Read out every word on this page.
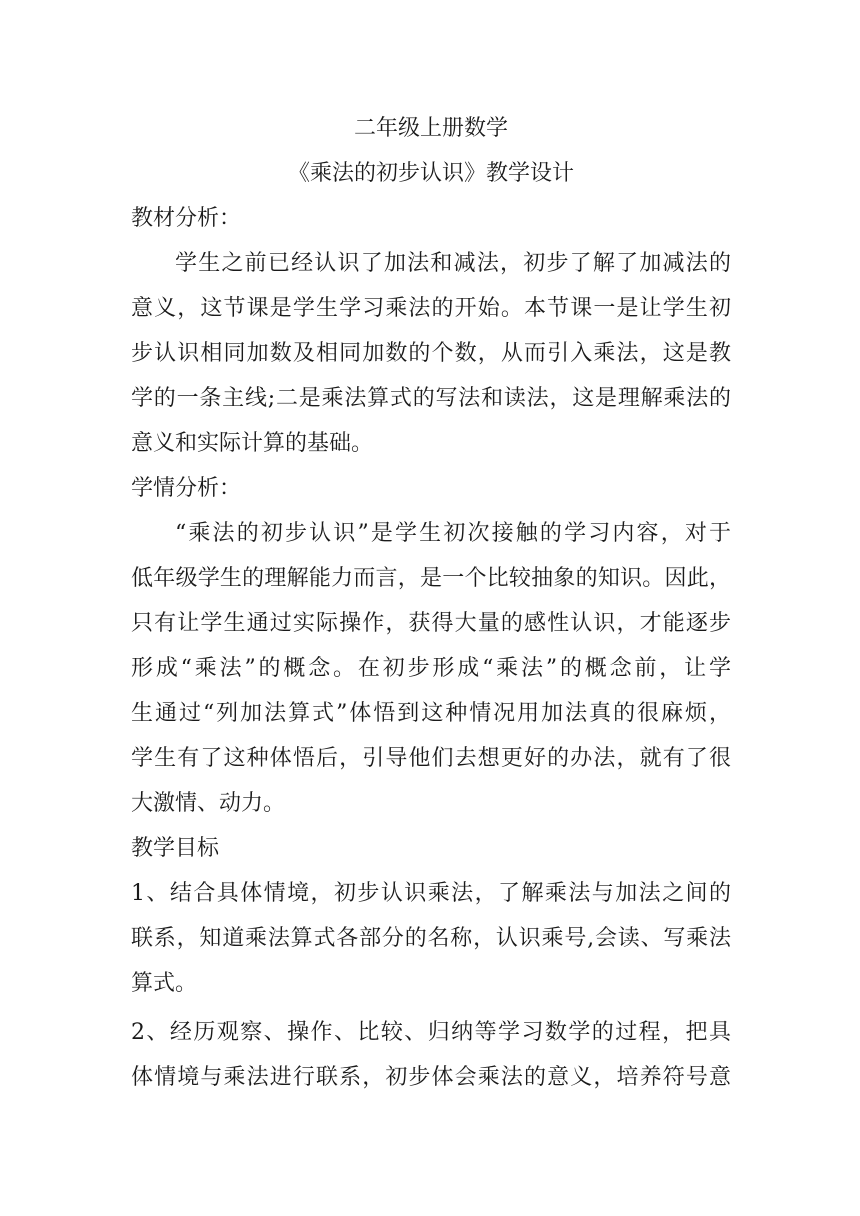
二年级上册数学
《乘法的初步认识》教学设计
教材分析：
学生之前已经认识了加法和减法，初步了解了加减法的
意义，这节课是学生学习乘法的开始。本节课一是让学生初
步认识相同加数及相同加数的个数，从而引入乘法，这是教
学的一条主线;二是乘法算式的写法和读法，这是理解乘法的
意义和实际计算的基础。
学情分析：
“乘法的初步认识”是学生初次接触的学习内容，对于
低年级学生的理解能力而言，是一个比较抽象的知识。因此，
只有让学生通过实际操作，获得大量的感性认识，才能逐步
形成“乘法”的概念。在初步形成“乘法”的概念前，让学
生通过“列加法算式”体悟到这种情况用加法真的很麻烦，
学生有了这种体悟后，引导他们去想更好的办法，就有了很
大激情、动力。
教学目标
1、结合具体情境，初步认识乘法，了解乘法与加法之间的
联系，知道乘法算式各部分的名称，认识乘号,会读、写乘法
算式。
2、经历观察、操作、比较、归纳等学习数学的过程，把具
体情境与乘法进行联系，初步体会乘法的意义，培养符号意
